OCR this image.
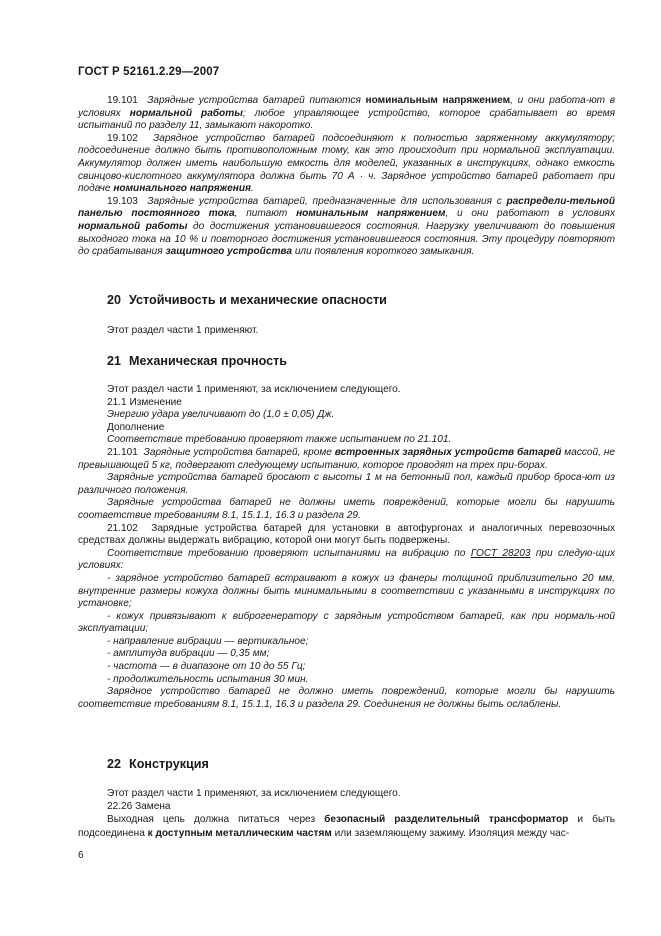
ГОСТ Р 52161.2.29—2007

19.101 Зарядные устройства батарей питаются номинальным напряжением, и они работа-ют в условиях нормальной работы; любое управляющее устройство, которое срабатывает во время испытаний по разделу 11, замыкают накоротко.

19.102 Зарядное устройство батарей подсоединяют к полностью заряженному аккумулятору; подсоединение должно быть противоположным тому, как это происходит при нормальной эксплуатации. Аккумулятор должен иметь наибольшую емкость для моделей, указанных в инструкциях, однако емкость свинцово-кислотного аккумулятора должна быть 70 А · ч. Зарядное устройство батарей работает при подаче номинального напряжения.

19.103 Зарядные устройства батарей, предназначенные для использования с распредели-тельной панелью постоянного тока, питают номинальным напряжением, и они работают в условиях нормальной работы до достижения установившегося состояния. Нагрузку увеличивают до повышения выходного тока на 10 % и повторного достижения установившегося состояния. Эту процедуру повторяют до срабатывания защитного устройства или появления короткого замыкания.

20 Устойчивость и механические опасности
Этот раздел части 1 применяют.
21 Механическая прочность

Этот раздел части 1 применяют, за исключением следующего.

21.1 Изменение

Энергию удара увеличивают до (1,0 ± 0,05) Дж.

Дополнение

Соответствие требованию проверяют также испытанием по 21.101.

21.101 Зарядные устройства батарей, кроме встроенных зарядных устройств батарей массой, не превышающей 5 кг, подвергают следующему испытанию, которое проводят на трех при-борах.

Зарядные устройства батарей бросают с высоты 1 м на бетонный пол, каждый прибор броса-ют из различного положения.

Зарядные устройства батарей не должны иметь повреждений, которые могли бы нарушить соответствие требованиям 8.1, 15.1.1, 16.3 и раздела 29.

21.102 Зарядные устройства батарей для установки в автофургонах и аналогичных перевозочных средствах должны выдержать вибрацию, которой они могут быть подвержены.

Соответствие требованию проверяют испытаниями на вибрацию по ГОСТ 28203 при следую-щих условиях:

- зарядное устройство батарей встраивают в кожух из фанеры толщиной приблизительно 20 мм, внутренние размеры кожуха должны быть минимальными в соответствии с указанными в инструкциях по установке;

- кожух привязывают к виброгенератору с зарядным устройством батарей, как при нормаль-ной эксплуатации;

- направление вибрации — вертикальное;

- амплитуда вибрации — 0,35 мм;

- частота — в диапазоне от 10 до 55 Гц;

- продолжительность испытания 30 мин.

Зарядное устройство батарей не должно иметь повреждений, которые могли бы нарушить соответствие требованиям 8.1, 15.1.1, 16.3 и раздела 29. Соединения не должны быть ослаблены.

22 Конструкция

Этот раздел части 1 применяют, за исключением следующего.

22.26 Замена

Выходная цепь должна питаться через безопасный разделительный трансформатор и быть подсоединена к доступным металлическим частям или заземляющему зажиму. Изоляция между час-

6
